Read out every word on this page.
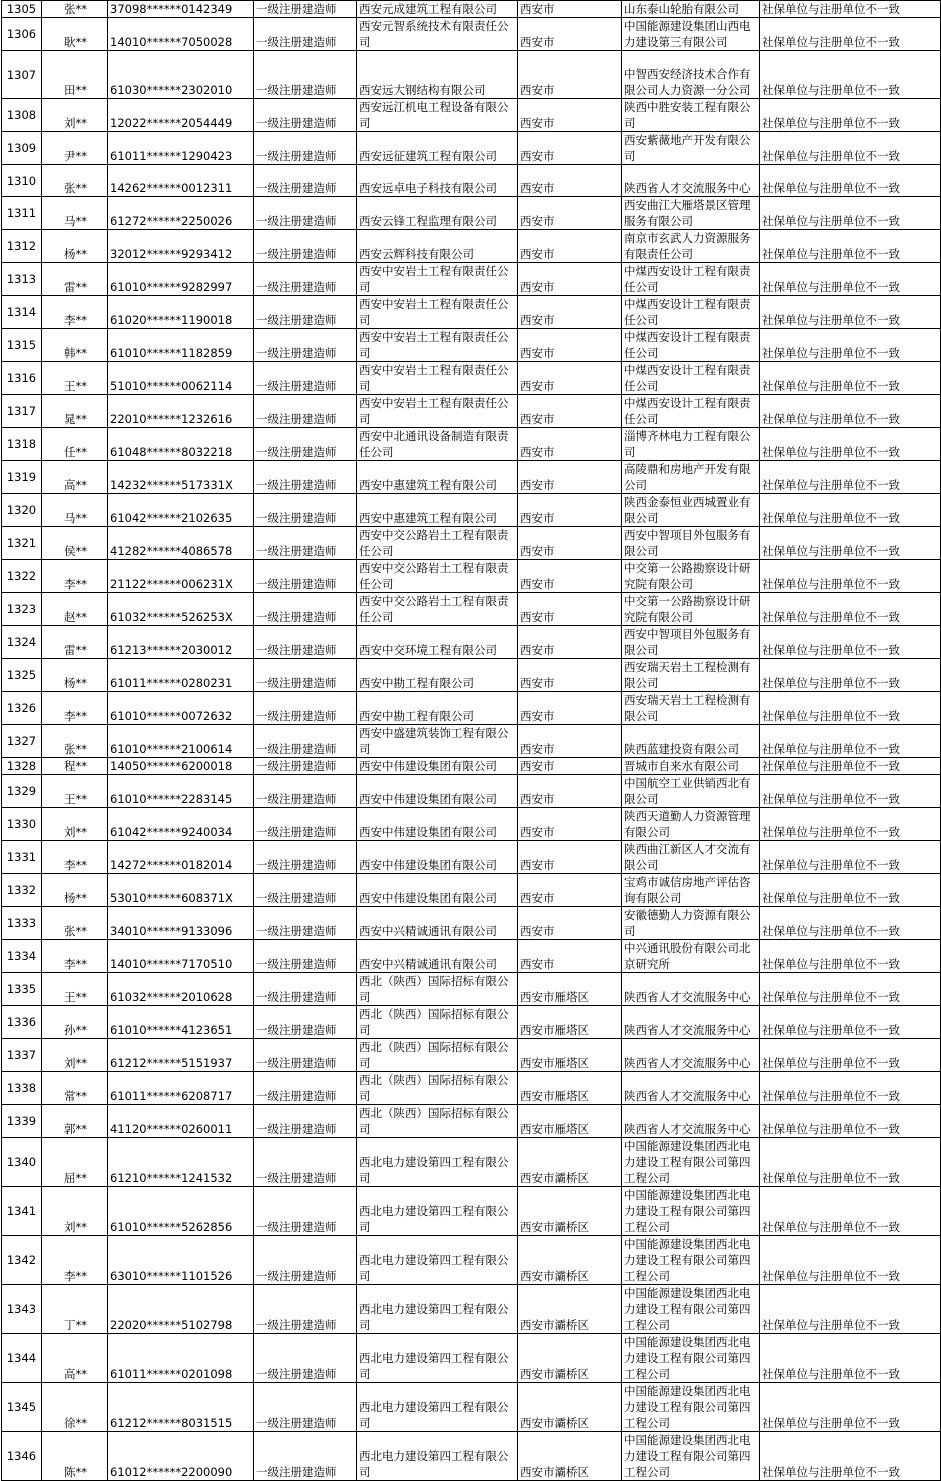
1305	张**	37098******0142349	一级注册建造师	西安元成建筑工程有限公司	西安市	山东泰山轮胎有限公司	社保单位与注册单位不一致
1306	耿**	14010******7050028	一级注册建造师	西安元智系统技术有限责任公司	西安市	中国能源建设集团山西电力建设第三有限公司	社保单位与注册单位不一致
1307	田**	61030******2302010	一级注册建造师	西安远大钢结构有限公司	西安市	中智西安经济技术合作有限公司人力资源一分公司	社保单位与注册单位不一致
1308	刘**	12022******2054449	一级注册建造师	西安远江机电工程设备有限公司	西安市	陕西中胜安装工程有限公司	社保单位与注册单位不一致
1309	尹**	61011******1290423	一级注册建造师	西安远征建筑工程有限公司	西安市	西安紫薇地产开发有限公司	社保单位与注册单位不一致
1310	张**	14262******0012311	一级注册建造师	西安远卓电子科技有限公司	西安市	陕西省人才交流服务中心	社保单位与注册单位不一致
1311	马**	61272******2250026	一级注册建造师	西安云锋工程监理有限公司	西安市	西安曲江大雁塔景区管理服务有限公司	社保单位与注册单位不一致
1312	杨**	32012******9293412	一级注册建造师	西安云辉科技有限公司	西安市	南京市玄武人力资源服务有限责任公司	社保单位与注册单位不一致
1313	雷**	61010******9282997	一级注册建造师	西安中安岩土工程有限责任公司	西安市	中煤西安设计工程有限责任公司	社保单位与注册单位不一致
1314	李**	61020******1190018	一级注册建造师	西安中安岩土工程有限责任公司	西安市	中煤西安设计工程有限责任公司	社保单位与注册单位不一致
1315	韩**	61010******1182859	一级注册建造师	西安中安岩土工程有限责任公司	西安市	中煤西安设计工程有限责任公司	社保单位与注册单位不一致
1316	王**	51010******0062114	一级注册建造师	西安中安岩土工程有限责任公司	西安市	中煤西安设计工程有限责任公司	社保单位与注册单位不一致
1317	晁**	22010******1232616	一级注册建造师	西安中安岩土工程有限责任公司	西安市	中煤西安设计工程有限责任公司	社保单位与注册单位不一致
1318	任**	61048******8032218	一级注册建造师	西安中北通讯设备制造有限责任公司	西安市	淄博齐林电力工程有限公司	社保单位与注册单位不一致
1319	高**	14232******517331X	一级注册建造师	西安中惠建筑工程有限公司	西安市	高陵鼎和房地产开发有限公司	社保单位与注册单位不一致
1320	马**	61042******2102635	一级注册建造师	西安中惠建筑工程有限公司	西安市	陕西金泰恒业西城置业有限公司	社保单位与注册单位不一致
1321	侯**	41282******4086578	一级注册建造师	西安中交公路岩土工程有限责任公司	西安市	西安中智项目外包服务有限公司	社保单位与注册单位不一致
1322	李**	21122******006231X	一级注册建造师	西安中交公路岩土工程有限责任公司	西安市	中交第一公路勘察设计研究院有限公司	社保单位与注册单位不一致
1323	赵**	61032******526253X	一级注册建造师	西安中交公路岩土工程有限责任公司	西安市	中交第一公路勘察设计研究院有限公司	社保单位与注册单位不一致
1324	雷**	61213******2030012	一级注册建造师	西安中交环境工程有限公司	西安市	西安中智项目外包服务有限公司	社保单位与注册单位不一致
1325	杨**	61011******0280231	一级注册建造师	西安中勘工程有限公司	西安市	西安瑞天岩土工程检测有限公司	社保单位与注册单位不一致
1326	李**	61010******0072632	一级注册建造师	西安中勘工程有限公司	西安市	西安瑞天岩土工程检测有限公司	社保单位与注册单位不一致
1327	张**	61010******2100614	一级注册建造师	西安中盛建筑装饰工程有限公司	西安市	陕西蓝建投资有限公司	社保单位与注册单位不一致
1328	程**	14050******6200018	一级注册建造师	西安中伟建设集团有限公司	西安市	晋城市自来水有限公司	社保单位与注册单位不一致
1329	王**	61010******2283145	一级注册建造师	西安中伟建设集团有限公司	西安市	中国航空工业供销西北有限公司	社保单位与注册单位不一致
1330	刘**	61042******9240034	一级注册建造师	西安中伟建设集团有限公司	西安市	陕西天道勤人力资源管理有限公司	社保单位与注册单位不一致
1331	李**	14272******0182014	一级注册建造师	西安中伟建设集团有限公司	西安市	陕西曲江新区人才交流有限公司	社保单位与注册单位不一致
1332	杨**	53010******608371X	一级注册建造师	西安中伟建设集团有限公司	西安市	宝鸡市诚信房地产评估咨询有限公司	社保单位与注册单位不一致
1333	张**	34010******9133096	一级注册建造师	西安中兴精诚通讯有限公司	西安市	安徽德勤人力资源有限公司	社保单位与注册单位不一致
1334	李**	14010******7170510	一级注册建造师	西安中兴精诚通讯有限公司	西安市	中兴通讯股份有限公司北京研究所	社保单位与注册单位不一致
1335	王**	61032******2010628	一级注册建造师	西北（陕西）国际招标有限公司	西安市雁塔区	陕西省人才交流服务中心	社保单位与注册单位不一致
1336	孙**	61010******4123651	一级注册建造师	西北（陕西）国际招标有限公司	西安市雁塔区	陕西省人才交流服务中心	社保单位与注册单位不一致
1337	刘**	61212******5151937	一级注册建造师	西北（陕西）国际招标有限公司	西安市雁塔区	陕西省人才交流服务中心	社保单位与注册单位不一致
1338	常**	61011******6208717	一级注册建造师	西北（陕西）国际招标有限公司	西安市雁塔区	陕西省人才交流服务中心	社保单位与注册单位不一致
1339	郭**	41120******0260011	一级注册建造师	西北（陕西）国际招标有限公司	西安市雁塔区	陕西省人才交流服务中心	社保单位与注册单位不一致
1340	屈**	61210******1241532	一级注册建造师	西北电力建设第四工程有限公司	西安市灞桥区	中国能源建设集团西北电力建设工程有限公司第四工程公司	社保单位与注册单位不一致
1341	刘**	61010******5262856	一级注册建造师	西北电力建设第四工程有限公司	西安市灞桥区	中国能源建设集团西北电力建设工程有限公司第四工程公司	社保单位与注册单位不一致
1342	李**	63010******1101526	一级注册建造师	西北电力建设第四工程有限公司	西安市灞桥区	中国能源建设集团西北电力建设工程有限公司第四工程公司	社保单位与注册单位不一致
1343	丁**	22020******5102798	一级注册建造师	西北电力建设第四工程有限公司	西安市灞桥区	中国能源建设集团西北电力建设工程有限公司第四工程公司	社保单位与注册单位不一致
1344	高**	61011******0201098	一级注册建造师	西北电力建设第四工程有限公司	西安市灞桥区	中国能源建设集团西北电力建设工程有限公司第四工程公司	社保单位与注册单位不一致
1345	徐**	61212******8031515	一级注册建造师	西北电力建设第四工程有限公司	西安市灞桥区	中国能源建设集团西北电力建设工程有限公司第四工程公司	社保单位与注册单位不一致
1346	陈**	61012******2200090	一级注册建造师	西北电力建设第四工程有限公司	西安市灞桥区	中国能源建设集团西北电力建设工程有限公司第四工程公司	社保单位与注册单位不一致
